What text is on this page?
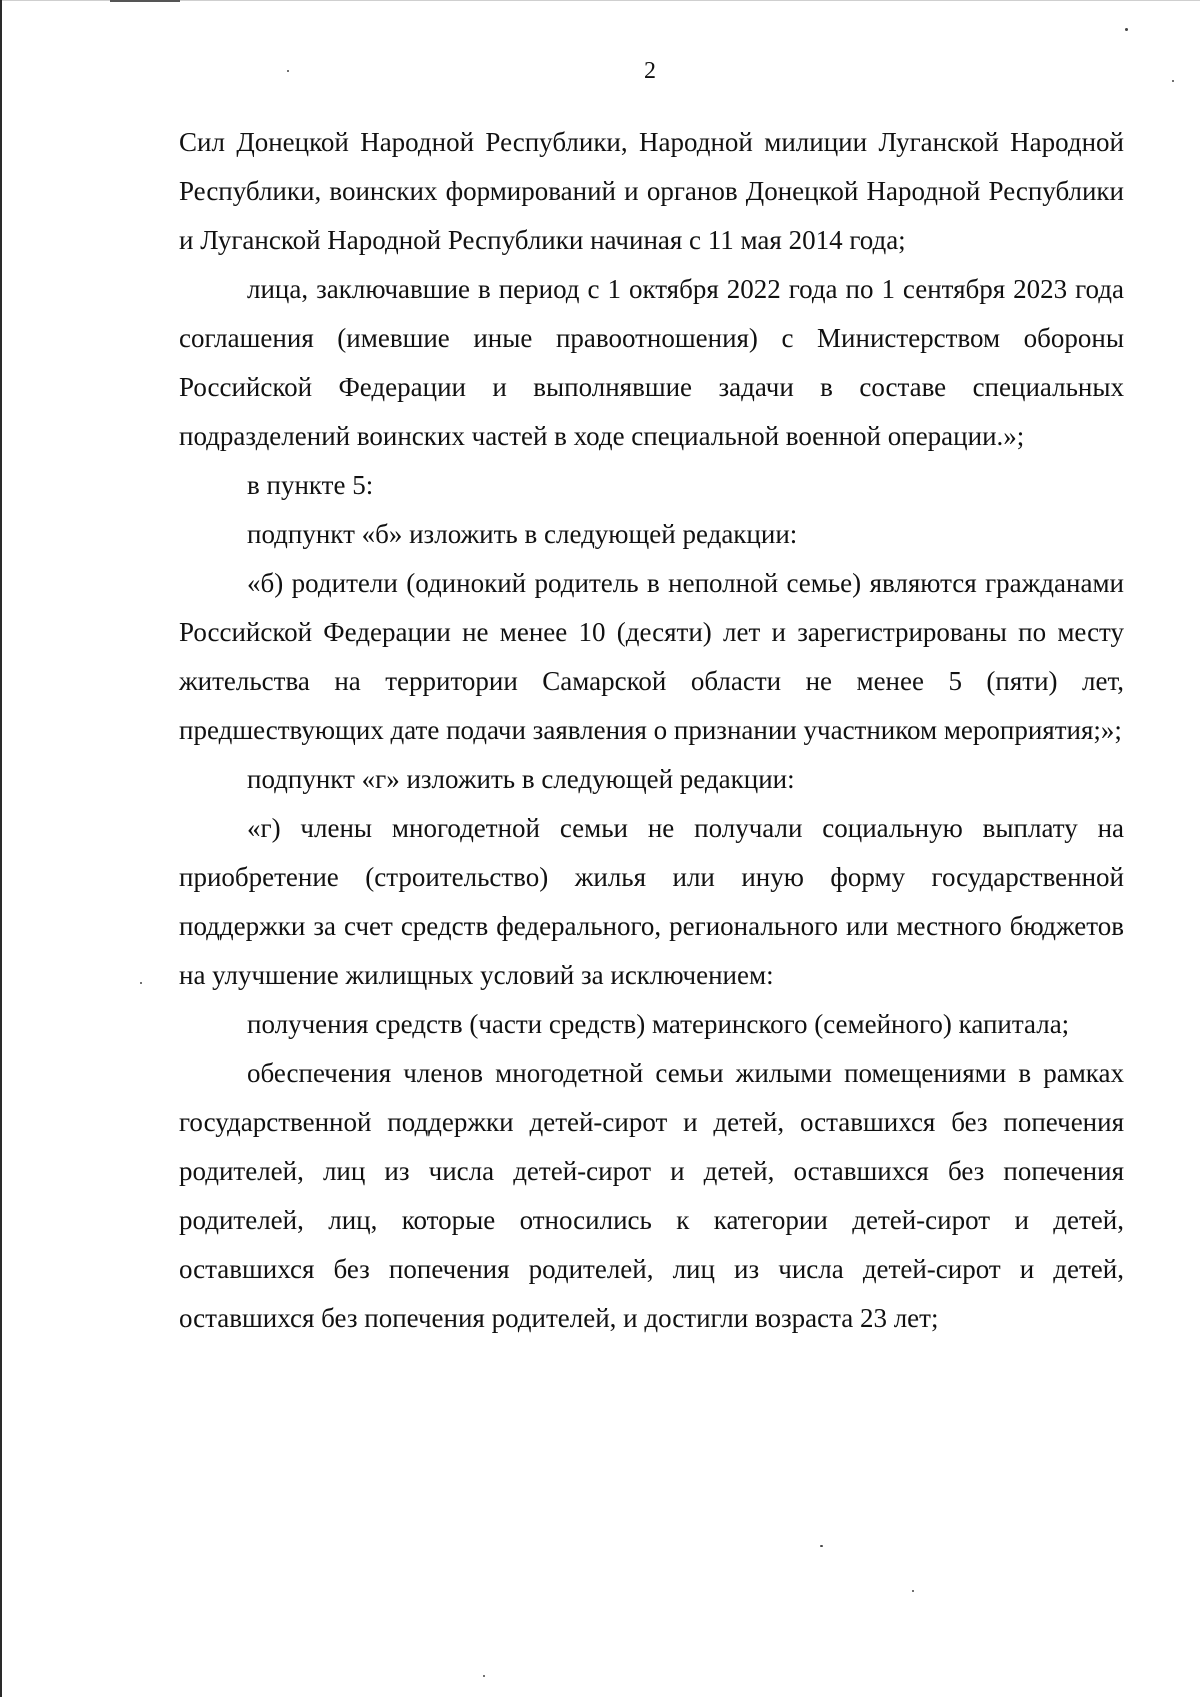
2

Сил Донецкой Народной Республики, Народной милиции Луганской Народной Республики, воинских формирований и органов Донецкой Народной Республики и Луганской Народной Республики начиная с 11 мая 2014 года;

лица, заключавшие в период с 1 октября 2022 года по 1 сентября 2023 года соглашения (имевшие иные правоотношения) с Министерством обороны Российской Федерации и выполнявшие задачи в составе специальных подразделений воинских частей в ходе специальной военной операции.»;

в пункте 5:

подпункт «б» изложить в следующей редакции:

«б) родители (одинокий родитель в неполной семье) являются гражданами Российской Федерации не менее 10 (десяти) лет и зарегистрированы по месту жительства на территории Самарской области не менее 5 (пяти) лет, предшествующих дате подачи заявления о признании участником мероприятия;»;

подпункт «г» изложить в следующей редакции:

«г) члены многодетной семьи не получали социальную выплату на приобретение (строительство) жилья или иную форму государственной поддержки за счет средств федерального, регионального или местного бюджетов на улучшение жилищных условий за исключением:

получения средств (части средств) материнского (семейного) капитала;

обеспечения членов многодетной семьи жилыми помещениями в рамках государственной поддержки детей-сирот и детей, оставшихся без попечения родителей, лиц из числа детей-сирот и детей, оставшихся без попечения родителей, лиц, которые относились к категории детей-сирот и детей, оставшихся без попечения родителей, лиц из числа детей-сирот и детей, оставшихся без попечения родителей, и достигли возраста 23 лет;
